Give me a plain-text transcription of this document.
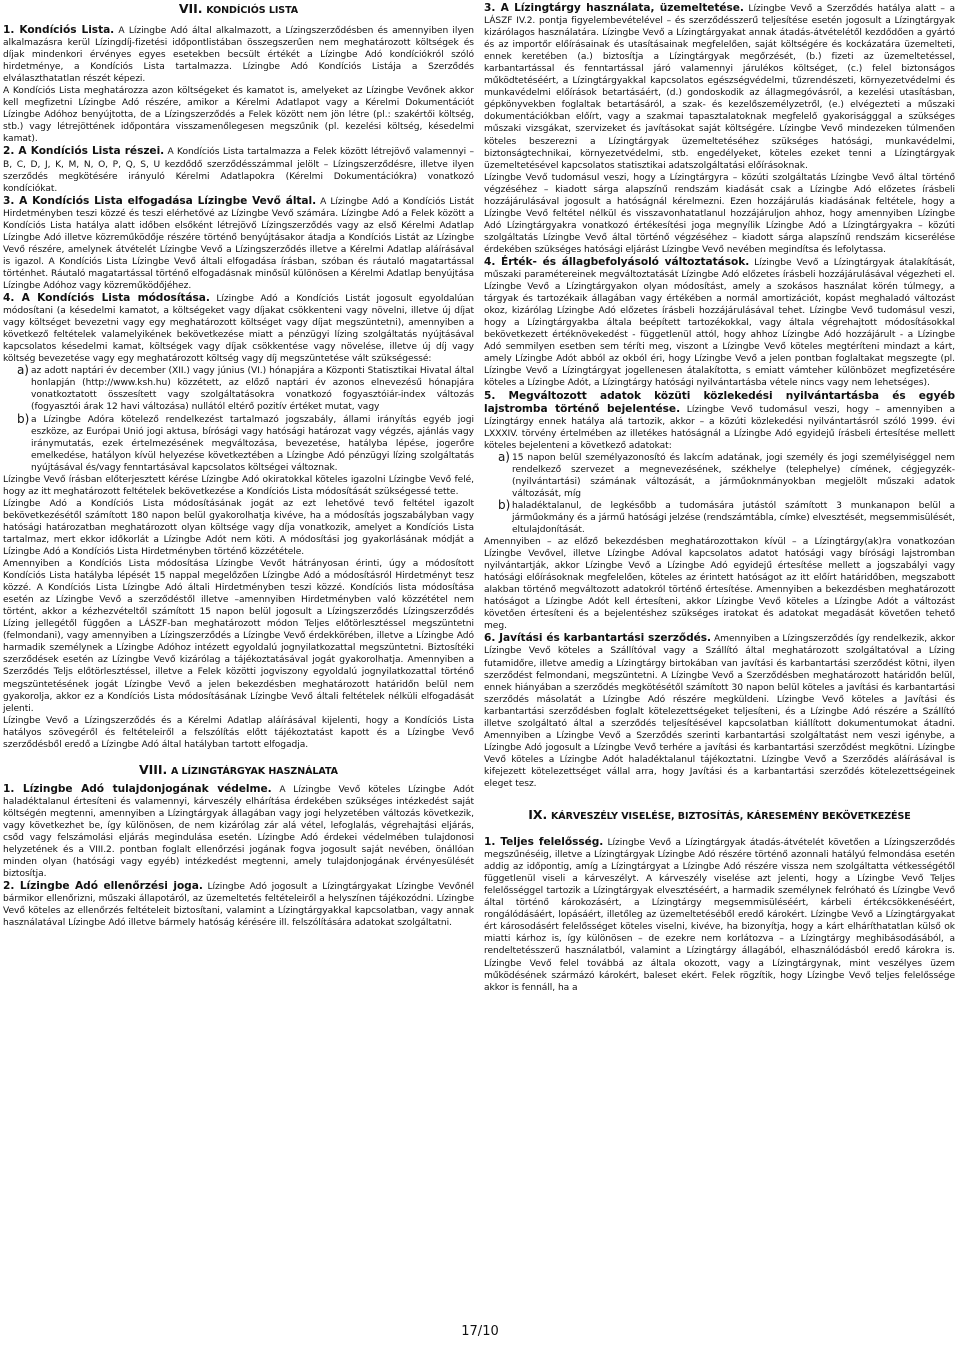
VII. KONDÍCIÓS LISTA

1. Kondíciós Lista. A Lízingbe Adó által alkalmazott, a Lízingszerződésben és amennyiben ilyen alkalmazásra kerül Lízingdíj-fizetési időpontlistában összegszerűen nem meghatározott költségek és díjak mindenkori érvényes egyes esetekben becsült értékét a Lízingbe Adó kondíciókról szóló hirdetménye, a Kondíciós Lista tartalmazza. Lízingbe Adó Kondíciós Listája a Szerződés elválaszthatatlan részét képezi.

A Kondíciós Lista meghatározza azon költségeket és kamatot is, amelyeket az Lízingbe Vevőnek akkor kell megfizetni Lízingbe Adó részére, amikor a Kérelmi Adatlapot vagy a Kérelmi Dokumentációt Lízingbe Adóhoz benyújtotta, de a Lízingszerződés a Felek között nem jön létre (pl.: szakértői költség, stb.) vagy létrejöttének időpontára visszamenőlegesen megszűnik (pl. kezelési költség, késedelmi kamat).

2. A Kondíciós Lista részei. A Kondíciós Lista tartalmazza a Felek között létrejövő valamennyi – B, C, D, J, K, M, N, O, P, Q, S, U kezdődő szerződésszámmal jelölt – Lízingszerződésre, illetve ilyen szerződés megkötésére irányuló Kérelmi Adatlapokra (Kérelmi Dokumentációkra) vonatkozó kondíciókat.

3. A Kondíciós Lista elfogadása Lízingbe Vevő által. A Lízingbe Adó a Kondíciós Listát Hirdetményben teszi közzé és teszi elérhetővé az Lízingbe Vevő számára. Lízingbe Adó a Felek között a Kondíciós Lista hatálya alatt időben elsőként létrejövő Lízingszerződés vagy az első Kérelmi Adatlap Lízingbe Adó illetve közreműködője részére történő benyújtásakor átadja a Kondíciós Listát az Lízingbe Vevő részére, amelynek átvételét Lízingbe Vevő a Lízingszerződés illetve a Kérelmi Adatlap aláírásával is igazol. A Kondíciós Lista Lízingbe Vevő általi elfogadása írásban, szóban és ráutaló magatartással történhet. Ráutaló magatartással történő elfogadásnak minősül különösen a Kérelmi Adatlap benyújtása Lízingbe Adóhoz vagy közreműködőjéhez.

4. A Kondíciós Lista módosítása. Lízingbe Adó a Kondíciós Listát jogosult egyoldalúan módosítani (a késedelmi kamatot, a költségeket vagy díjakat csökkenteni vagy növelni, illetve új díjat vagy költséget bevezetni vagy egy meghatározott költséget vagy díjat megszüntetni), amennyiben a következő feltételek valamelyikének bekövetkezése miatt a pénzügyi lízing szolgáltatás nyújtásával kapcsolatos késedelmi kamat, költségek vagy díjak csökkentése vagy növelése, illetve új díj vagy költség bevezetése vagy egy meghatározott költség vagy díj megszüntetése vált szükségessé:

a) az adott naptári év december (XII.) vagy június (VI.) hónapjára a Központi Statisztikai Hivatal által honlapján (http://www.ksh.hu) közzétett, az előző naptári év azonos elnevezésű hónapjára vonatkoztatott összesített vagy szolgáltatásokra vonatkozó fogyasztóiár-index változás (fogyasztói árak 12 havi változása) nullától eltérő pozitív értéket mutat, vagy
b) a Lízingbe Adóra kötelező rendelkezést tartalmazó jogszabály, állami irányítás egyéb jogi eszköze, az Európai Unió jogi aktusa, bírósági vagy hatósági határozat vagy végzés, ajánlás vagy iránymutatás, ezek értelmezésének megváltozása, bevezetése, hatályba lépése, jogerőre emelkedése, hatályon kívül helyezése következtében a Lízingbe Adó pénzügyi lízing szolgáltatás nyújtásával és/vagy fenntartásával kapcsolatos költségei változnak.

Lízingbe Vevő írásban előterjesztett kérése Lízingbe Adó okiratokkal köteles igazolni Lízingbe Vevő felé, hogy az itt meghatározott feltételek bekövetkezése a Kondíciós Lista módosítását szükségessé tette.

Lízingbe Adó a Kondíciós Lista módosításának jogát az ezt lehetővé tevő feltétel igazolt bekövetkezésétől számított 180 napon belül gyakorolhatja kivéve, ha a módosítás jogszabályban vagy hatósági határozatban meghatározott olyan költsége vagy díja vonatkozik, amelyet a Kondíciós Lista tartalmaz, mert ekkor időkorlát a Lízingbe Adót nem köti. A módosítási jog gyakorlásának módját a Lízingbe Adó a Kondíciós Lista Hirdetményben történő közzététele.

Amennyiben a Kondíciós Lista módosítása Lízingbe Vevőt hátrányosan érinti, úgy a módosított Kondíciós Lista hatályba lépését 15 nappal megelőzően Lízingbe Adó a módosításról Hirdetményt tesz közzé. A Kondíciós Lista Lízingbe Adó általi Hirdetményben teszi közzé. Kondíciós lista módosítása esetén az Lízingbe Vevő a szerződéstől illetve –amennyiben Hirdetményben való közzététel nem történt, akkor a kézhezvételtől számított 15 napon belül jogosult a Lízingszerződés Lízingszerződés Lízing jellegétől függően a LÁSZF-ban meghatározott módon Teljes előtörlesztéssel megszüntetni (felmondani), vagy amennyiben a Lízingszerződés a Lízingbe Vevő érdekkörében, illetve a Lízingbe Adó harmadik személynek a Lízingbe Adóhoz intézett egyoldalú jognyilatkozattal megszüntetni. Biztosítéki szerződések esetén az Lízingbe Vevő kizárólag a tájékoztatásával jogát gyakorolhatja. Amennyiben a Szerződés Teljs előtörlesztéssel, illetve a Felek közötti jogviszony egyoldalú jognyilatkozattal történő megszüntetésének jogát Lízingbe Vevő a jelen bekezdésben meghatározott határidőn belül nem gyakorolja, akkor ez a Kondíciós Lista módosításának Lízingbe Vevő általi feltételek nélküli elfogadását jelenti.

Lízingbe Vevő a Lízingszerződés és a Kérelmi Adatlap aláírásával kijelenti, hogy a Kondíciós Lista hatályos szövegéről és feltételeiről a felszólítás előtt tájékoztatást kapott és a Lízingbe Vevő szerződésből eredő a Lízingbe Adó által hatályban tartott elfogadja.

VIII. A LÍZINGTÁRGYAK HASZNÁLATA

1. Lízingbe Adó tulajdonjogának védelme. A Lízingbe Vevő köteles Lízingbe Adót haladéktalanul értesíteni és valamennyi, kárveszély elhárítása érdekében szükséges intézkedést saját költségén megtenni, amennyiben a Lízingtárgyak állagában vagy jogi helyzetében változás következik, vagy következhet be, így különösen, de nem kizárólag zár alá vétel, lefoglalás, végrehajtási eljárás, csőd vagy felszámolási eljárás megindulása esetén. Lízingbe Adó érdekei védelmében tulajdonosi helyzetének és a VIII.2. pontban foglalt ellenőrzési jogának fogva jogosult saját nevében, önállóan minden olyan (hatósági vagy egyéb) intézkedést megtenni, amely tulajdonjogának érvényesülését biztosítja.

2. Lízingbe Adó ellenőrzési joga. Lízingbe Adó jogosult a Lízingtárgyakat Lízingbe Vevőnél bármikor ellenőrizni, műszaki állapotáról, az üzemeltetés feltételeiről a helyszínen tájékozódni. Lízingbe Vevő köteles az ellenőrzés feltételeit biztosítani, valamint a Lízingtárgyakkal kapcsolatban, vagy annak használatával Lízingbe Adó illetve bármely hatóság kérésére ill. felszólítására adatokat szolgáltatni.

3. A Lízingtárgy használata, üzemeltetése. Lízingbe Vevő a Szerződés hatálya alatt – a LÁSZF IV.2. pontja figyelembevételével – és szerződésszerű teljesítése esetén jogosult a Lízingtárgyak kizárólagos használatára. Lízingbe Vevő a Lízingtárgyakat annak átadás-átvételétől kezdődően a gyártó és az importőr előírásainak és utasításainak megfelelően, saját költségére és kockázatára üzemelteti, ennek keretében (a.) biztosítja a Lízingtárgyak megőrzését, (b.) fizeti az üzemeltetéssel, karbantartással és fenntartással járó valamennyi járulékos költséget, (c.) felel biztonságos működtetéséért, a Lízingtárgyakkal kapcsolatos egészségvédelmi, tűzrendészeti, környezetvédelmi és munkavédelmi előírások betartásáért, (d.) gondoskodik az állagmegóvásról, a kezelési utasításban, gépkönyvekben foglaltak betartásáról, a szak- és kezelőszemélyzetről, (e.) elvégezteti a műszaki dokumentációkban előírt, vagy a szakmai tapasztalatoknak megfelelő gyakoriságggal a szükséges műszaki vizsgákat, szervizeket és javításokat saját költségére. Lízingbe Vevő mindezeken túlmenően köteles beszerezni a Lízingtárgyak üzemeltetéséhez szükséges hatósági, munkavédelmi, biztonságtechnikai, környezetvédelmi, stb. engedélyeket, köteles ezeket tenni a Lízingtárgyak üzemeltetésével kapcsolatos statisztikai adatszolgáltatási előírásoknak.

Lízingbe Vevő tudomásul veszi, hogy a Lízingtárgyra – közúti szolgáltatás Lízingbe Vevő által történő végzéséhez – kiadott sárga alapszínű rendszám kiadását csak a Lízingbe Adó előzetes írásbeli hozzájárulásával jogosult a hatóságnál kérelmezni. Ezen hozzájárulás kiadásának feltétele, hogy a Lízingbe Vevő feltétel nélkül és visszavonhatatlanul hozzájáruljon ahhoz, hogy amennyiben Lízingbe Adó Lízingtárgyakra vonatkozó értékesítési joga megnyílik Lízingbe Adó a Lízingtárgyakra – közúti szolgáltatás Lízingbe Vevő által történő végzéséhez – kiadott sárga alapszínű rendszám kicserélése érdekében szükséges hatósági eljárást Lízingbe Vevő nevében megindítsa és lefolytassa.

4. Érték- és állagbefolyásoló változtatások. Lízingbe Vevő a Lízingtárgyak átalakítását, műszaki paramétereinek megváltoztatását Lízingbe Adó előzetes írásbeli hozzájárulásával végezheti el. Lízingbe Vevő a Lízingtárgyakon olyan módosítást, amely a szokásos használat körén túlmegy, a tárgyak és tartozékaik állagában vagy értékében a normál amortizációt, kopást meghaladó változást okoz, kizárólag Lízingbe Adó előzetes írásbeli hozzájárulásával tehet. Lízingbe Vevő tudomásul veszi, hogy a Lízingtárgyakba általa beépített tartozékokkal, vagy általa végrehajtott módosításokkal bekövetkezett értéknövekedést - függetlenül attól, hogy ahhoz Lízingbe Adó hozzájárult - a Lízingbe Adó semmilyen esetben sem téríti meg, viszont a Lízingbe Vevő köteles megtéríteni mindazt a kárt, amely Lízingbe Adót abból az okból éri, hogy Lízingbe Vevő a jelen pontban foglaltakat megszegte (pl. Lízingbe Vevő a Lízingtárgyat jogellenesen átalakította, s emiatt vámteher különbözet megfizetésére köteles a Lízingbe Adót, a Lízingtárgy hatósági nyilvántartásba vétele nincs vagy nem lehetséges).

5. Megváltozott adatok közüti közlekedési nyilvántartásba és egyéb lajstromba történő bejelentése. Lízingbe Vevő tudomásul veszi, hogy – amennyiben a Lízingtárgy ennek hatálya alá tartozik, akkor – a közúti közlekedési nyilvántartásról szóló 1999. évi LXXXIV. törvény értelmében az illetékes hatóságnál a Lízingbe Adó egyidejű írásbeli értesítése mellett köteles bejelenteni a következő adatokat:

a) 15 napon belül személyazonosító és lakcím adatának, jogi személy és jogi személyiséggel nem rendelkező szervezet a megnevezésének, székhelye (telephelye) címének, cégjegyzék- (nyilvántartási) számának változását, a járműoknmányokban megjelölt műszaki adatok változását, míg
b) haladéktalanul, de legkésőbb a tudomására jutástól számított 3 munkanapon belül a járműokmány és a jármű hatósági jelzése (rendszámtábla, címke) elvesztését, megsemmisülését, eltulajdonítását.

Amennyiben – az előző bekezdésben meghatározottakon kívül – a Lízingtárgy(ak)ra vonatkozóan Lízingbe Vevővel, illetve Lízingbe Adóval kapcsolatos adatot hatósági vagy bírósági lajstromban nyilvántartják, akkor Lízingbe Vevő a Lízingbe Adó egyidejű értesítése mellett a jogszabályi vagy hatósági előírásoknak megfelelően, köteles az érintett hatóságot az itt előírt határidőben, megszabott alakban történő megváltozott adatokról történő értesítése. Amennyiben a bekezdésben meghatározott hatóságot a Lízingbe Adót kell értesíteni, akkor Lízingbe Vevő köteles a Lízingbe Adót a változást követően értesíteni és a bejelentéshez szükséges iratokat és adatokat megadását követően tehető meg.

6. Javítási és karbantartási szerződés. Amennyiben a Lízingszerződés így rendelkezik, akkor Lízingbe Vevő köteles a Szállítóval vagy a Szállító által meghatározott szolgáltatóval a Lízing futamidőre, illetve amedig a Lízingtárgy birtokában van javítási és karbantartási szerződést kötni, ilyen szerződést felmondani, megszüntetni. A Lízingbe Vevő a Szerződésben meghatározott határidőn belül, ennek hiányában a szerződés megkötésétől számított 30 napon belül köteles a javítási és karbantartási szerződés másolatát a Lízingbe Adó részére megküldeni. Lízingbe Vevő köteles a Javítási és karbantartási szerződésben foglalt kötelezettségeket teljesíteni, és a Lízingbe Adó részére a Szállító illetve szolgáltató által a szerződés teljesítésével kapcsolatban kiállított dokumentumokat átadni. Amennyiben a Lízingbe Vevő a Szerződés szerinti karbantartási szolgáltatást nem veszi igénybe, a Lízingbe Adó jogosult a Lízingbe Vevő terhére a javítási és karbantartási szerződést megkötni. Lízingbe Vevő köteles a Lízingbe Adót haladéktalanul tájékoztatni. Lízingbe Vevő a Szerződés aláírásával is kifejezett kötelezettséget vállal arra, hogy Javítási és a karbantartási szerződés kötelezettségeinek eleget tesz.

IX. KÁRVESZÉLY VISELÉSE, BIZTOSÍTÁS, KÁRESEMÉNY BEKÖVETKEZÉSE

1. Teljes felelősség. Lízingbe Vevő a Lízingtárgyak átadás-átvételét követően a Lízingszerződés megszűnéséig, illetve a Lízingtárgyak Lízingbe Adó részére történő azonnali hatályú felmondása esetén addig az időpontig, amíg a Lízingtárgyat a Lízingbe Adó részére vissza nem szolgáltatta vétkességétől függetlenül viseli a kárveszélyt. A kárveszély viselése azt jelenti, hogy a Lízingbe Vevő Teljes felelősséggel tartozik a Lízingtárgyak elvesztéséért, a harmadik személynek felróható és Lízingbe Vevő által történő károkozásért, a Lízingtárgy megsemmisüléséért, kárbeli értékcsökkenéséért, rongálódásáért, lopásáért, illetőleg az üzemeltetéséből eredő károkért. Lízingbe Vevő a Lízingtárgyakat ért károsodásért felelősséget köteles viselni, kivéve, ha bizonyítja, hogy a kárt elháríthatatlan külső ok miatti kárhoz is, így különösen – de ezekre nem korlátozva – a Lízingtárgy meghibásodásából, a rendeltetésszerű használatból, valamint a Lízingtárgy állagából, elhasználódásból eredő károkra is. Lízingbe Vevő felel továbbá az általa okozott, vagy a Lízingtárgynak, mint veszélyes üzem működésének szármázó károkért, baleset ekért. Felek rögzítik, hogy Lízingbe Vevő teljes felelőssége akkor is fennáll, ha a

17/10
